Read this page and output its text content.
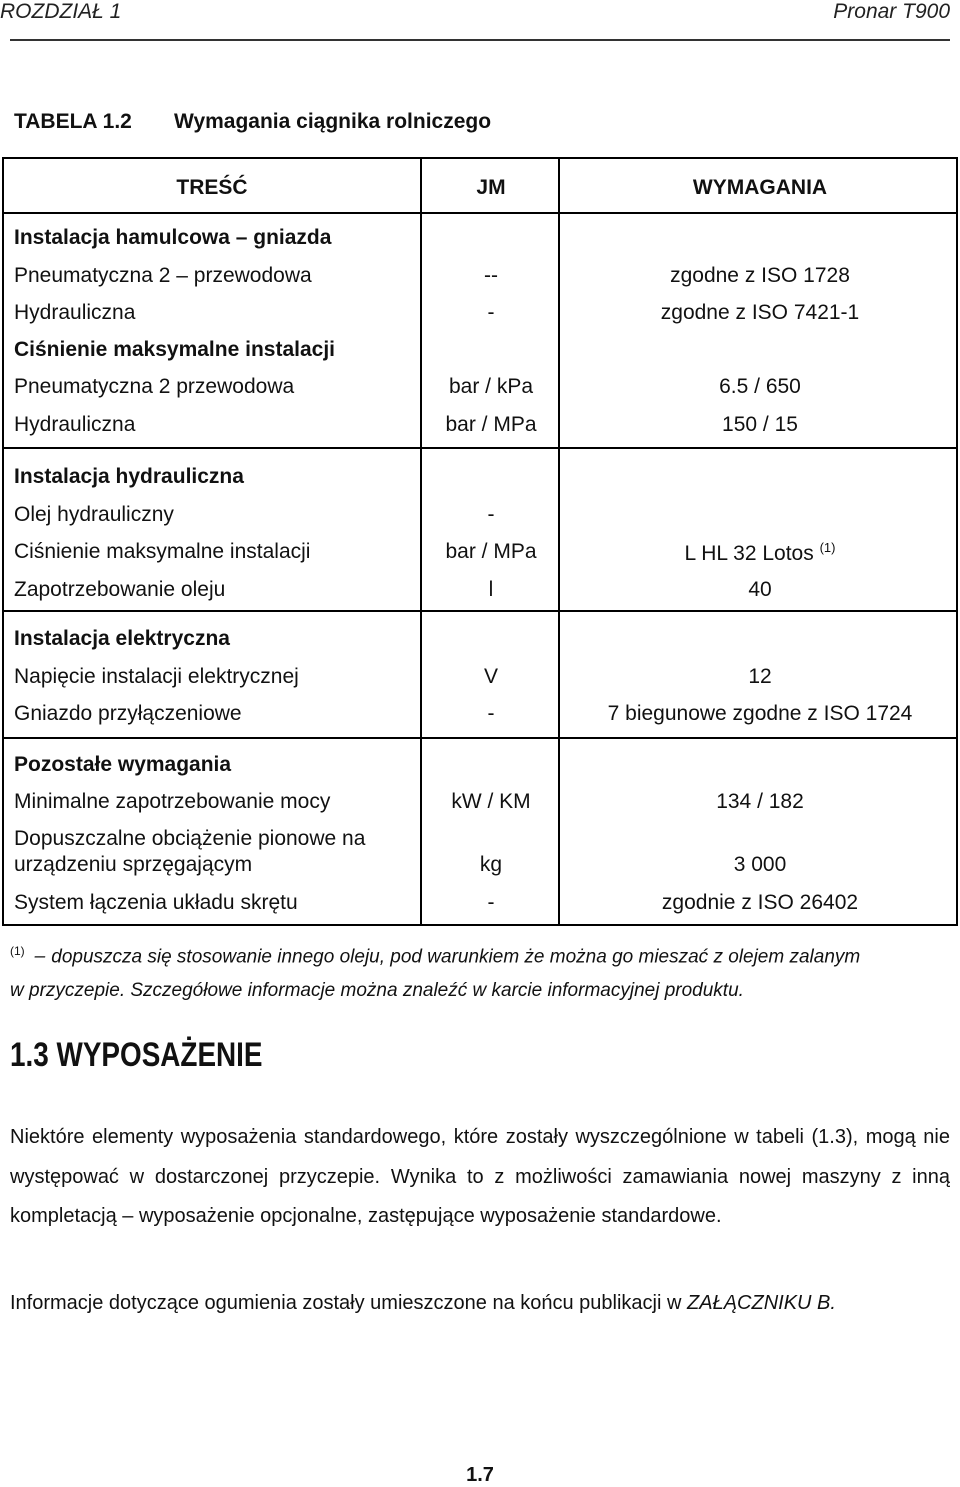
ROZDZIAŁ 1	Pronar T900
TABELA 1.2 Wymagania ciągnika rolniczego
TREŚĆ	JM	WYMAGANIA
Instalacja hamulcowa – gniazda
Pneumatyczna 2 – przewodowa	--	zgodne z ISO 1728
Hydrauliczna	-	zgodne z ISO 7421-1
Ciśnienie maksymalne instalacji
Pneumatyczna 2 przewodowa	bar / kPa	6.5 / 650
Hydrauliczna	bar / MPa	150 / 15
Instalacja hydrauliczna
Olej hydrauliczny	-
Ciśnienie maksymalne instalacji	bar / MPa	L HL 32 Lotos $^{(1)}$
Zapotrzebowanie oleju	l	40
Instalacja elektryczna
Napięcie instalacji elektrycznej	V	12
Gniazdo przyłączeniowe	-	7 biegunowe zgodne z ISO 1724
Pozostałe wymagania
Minimalne zapotrzebowanie mocy	kW / KM	134 / 182
Dopuszczalne obciążenie pionowe na
urządzeniu sprzęgającym	kg	3 000
System łączenia układu skrętu	-	zgodnie z ISO 26402
$^{(1)}$ – dopuszcza się stosowanie innego oleju, pod warunkiem że można go mieszać z olejem zalanym
w przyczepie. Szczegółowe informacje można znaleźć w karcie informacyjnej produktu.
1.3 WYPOSAŻENIE
Niektóre elementy wyposażenia standardowego, które zostały wyszczególnione w tabeli (1.3), mogą nie występować w dostarczonej przyczepie. Wynika to z możliwości zamawiania nowej maszyny z inną kompletacją – wyposażenie opcjonalne, zastępujące wyposażenie standardowe.
Informacje dotyczące ogumienia zostały umieszczone na końcu publikacji w ZAŁĄCZNIKU B.
1.7
